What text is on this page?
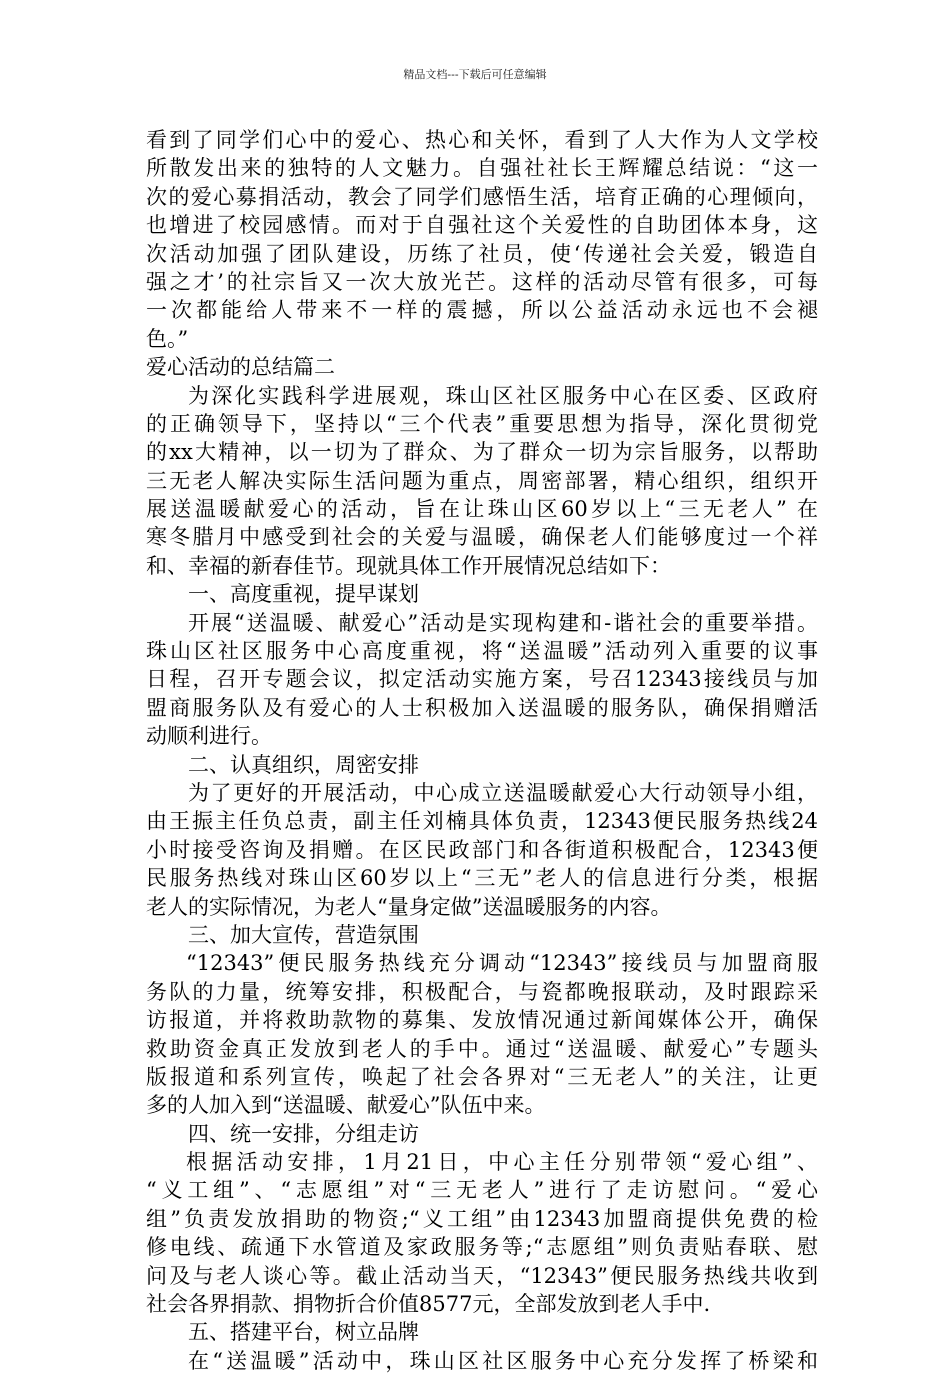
精品文档---下载后可任意编辑
看到了同学们心中的爱心、热心和关怀，看到了人大作为人文学校
所散发出来的独特的人文魅力。自强社社长王辉耀总结说：“这一
次的爱心募捐活动，教会了同学们感悟生活，培育正确的心理倾向，
也增进了校园感情。而对于自强社这个关爱性的自助团体本身，这
次活动加强了团队建设，历练了社员，使‘传递社会关爱，锻造自
强之才’的社宗旨又一次大放光芒。这样的活动尽管有很多，可每
一次都能给人带来不一样的震撼，所以公益活动永远也不会褪
色。”
爱心活动的总结篇二
为深化实践科学进展观，珠山区社区服务中心在区委、区政府
的正确领导下，坚持以“三个代表”重要思想为指导，深化贯彻党
的xx大精神，以一切为了群众、为了群众一切为宗旨服务，以帮助
三无老人解决实际生活问题为重点，周密部署，精心组织，组织开
展送温暖献爱心的活动，旨在让珠山区60岁以上“三无老人” 在
寒冬腊月中感受到社会的关爱与温暖，确保老人们能够度过一个祥
和、幸福的新春佳节。现就具体工作开展情况总结如下：
一、高度重视，提早谋划
开展“送温暖、献爱心”活动是实现构建和-谐社会的重要举措。
珠山区社区服务中心高度重视，将“送温暖”活动列入重要的议事
日程，召开专题会议，拟定活动实施方案，号召12343接线员与加
盟商服务队及有爱心的人士积极加入送温暖的服务队，确保捐赠活
动顺利进行。
二、认真组织，周密安排
为了更好的开展活动，中心成立送温暖献爱心大行动领导小组，
由王振主任负总责，副主任刘楠具体负责，12343便民服务热线24
小时接受咨询及捐赠。在区民政部门和各街道积极配合，12343便
民服务热线对珠山区60岁以上“三无”老人的信息进行分类，根据
老人的实际情况，为老人“量身定做”送温暖服务的内容。
三、加大宣传，营造氛围
“12343”便民服务热线充分调动“12343”接线员与加盟商服
务队的力量，统筹安排，积极配合，与瓷都晚报联动，及时跟踪采
访报道，并将救助款物的募集、发放情况通过新闻媒体公开，确保
救助资金真正发放到老人的手中。通过“送温暖、献爱心”专题头
版报道和系列宣传，唤起了社会各界对“三无老人”的关注，让更
多的人加入到“送温暖、献爱心”队伍中来。
四、统一安排，分组走访
根据活动安排，1月21日，中心主任分别带领“爱心组”、
“义工组”、“志愿组”对“三无老人”进行了走访慰问。“爱心
组”负责发放捐助的物资;“义工组”由12343加盟商提供免费的检
修电线、疏通下水管道及家政服务等;“志愿组”则负责贴春联、慰
问及与老人谈心等。截止活动当天，“12343”便民服务热线共收到
社会各界捐款、捐物折合价值8577元，全部发放到老人手中.
五、搭建平台，树立品牌
在“送温暖”活动中，珠山区社区服务中心充分发挥了桥梁和
